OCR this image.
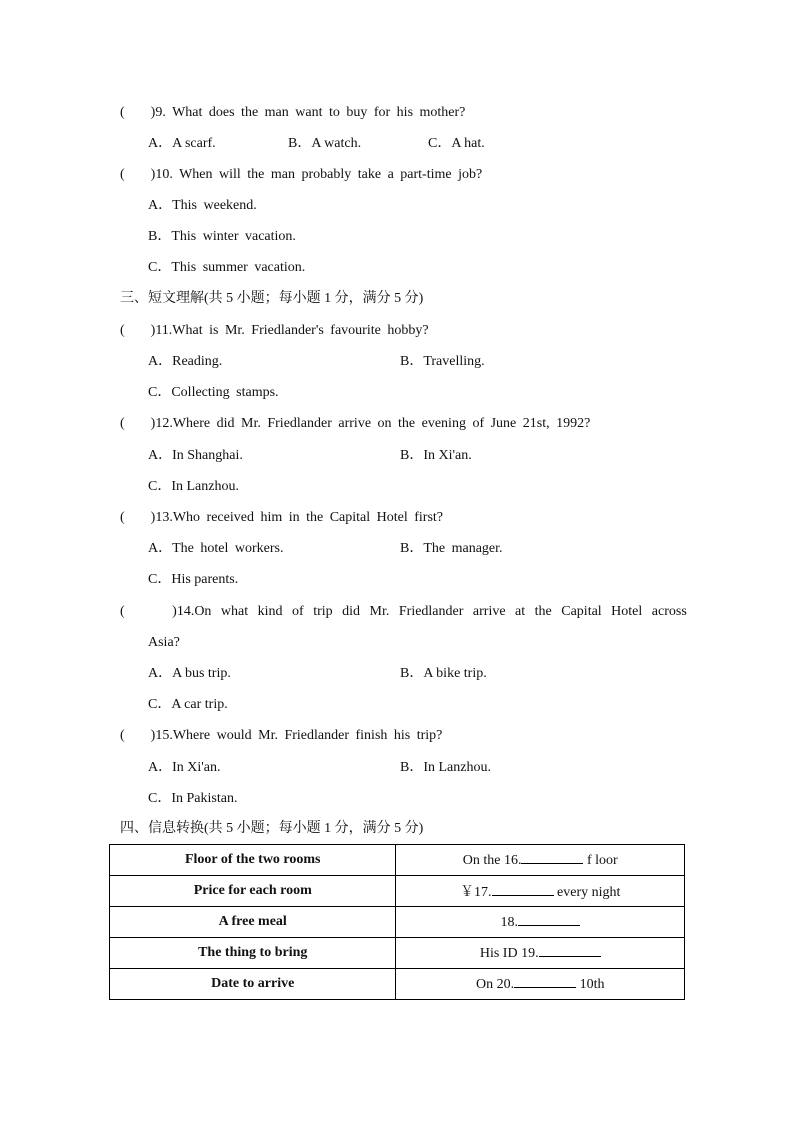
(    )9. What does the man want to buy for his mother?
A．A scarf.	B．A watch.	C．A hat.
(    )10. When will the man probably take a part-time job?
A．This weekend.
B．This winter vacation.
C．This summer vacation.
三、短文理解(共 5 小题；每小题 1 分，满分 5 分)
(    )11.What is Mr. Friedlander's favourite hobby?
A．Reading.	B．Travelling.
C．Collecting stamps.
(    )12.Where did Mr. Friedlander arrive on the evening of June 21st, 1992?
A．In Shanghai.	B．In Xi'an.
C．In Lanzhou.
(    )13.Who received him in the Capital Hotel first?
A．The hotel workers.	B．The manager.
C．His parents.
(     )14.On what kind of trip did Mr. Friedlander arrive at the Capital Hotel across
Asia?
A．A bus trip.	B．A bike trip.
C．A car trip.
(    )15.Where would Mr. Friedlander finish his trip?
A．In Xi'an.	B．In Lanzhou.
C．In Pakistan.
四、信息转换(共 5 小题；每小题 1 分，满分 5 分)
Floor of the two rooms	On the 16. f loor
Price for each room	￥17. every night
A free meal	18.
The thing to bring	His ID 19.
Date to arrive	On 20. 10th
